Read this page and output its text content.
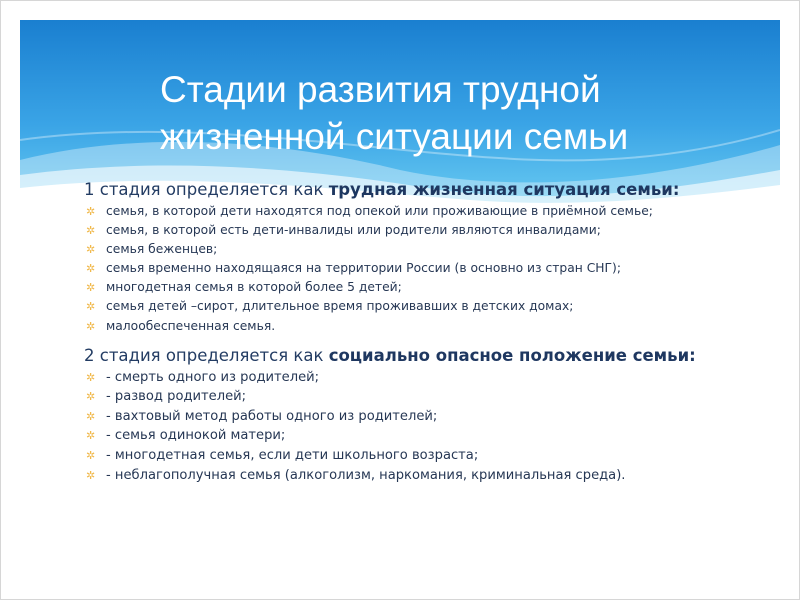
Стадии развития трудной
жизненной ситуации семьи

1 стадия определяется как трудная жизненная ситуация семьи:

✲ семья, в которой дети находятся под опекой или проживающие в приёмной семье;
✲ семья, в которой есть дети-инвалиды или родители являются инвалидами;
✲ семья беженцев;
✲ семья временно находящаяся на территории России (в основно из стран СНГ);
✲ многодетная семья в которой более 5 детей;
✲ семья детей –сирот, длительное время проживавших в детских домах;
✲ малообеспеченная семья.

2 стадия определяется как социально опасное положение семьи:

✲ - смерть одного из родителей;
✲ - развод родителей;
✲ - вахтовый метод работы одного из родителей;
✲ - семья одинокой матери;
✲ - многодетная семья, если дети школьного возраста;
✲ - неблагополучная семья (алкоголизм, наркомания, криминальная среда).
